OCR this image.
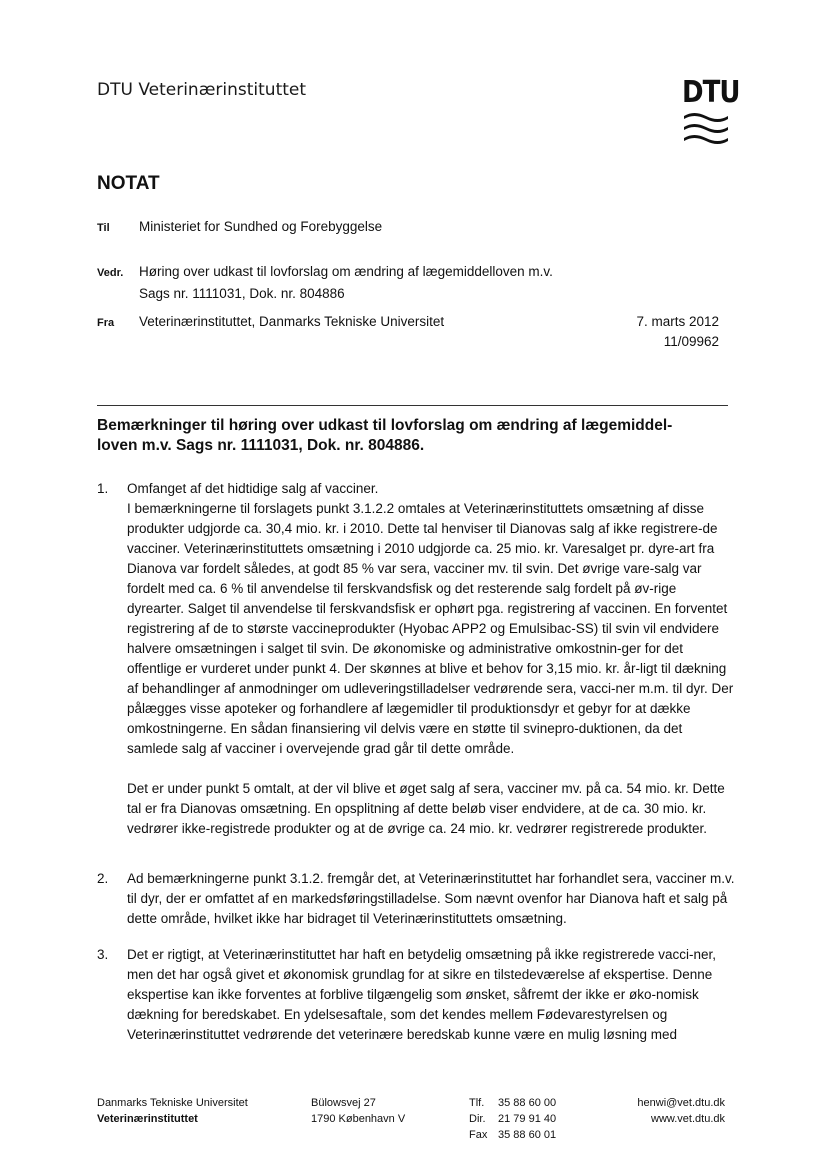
DTU Veterinærinstituttet	DTU
NOTAT
Til Ministeriet for Sundhed og Forebyggelse
Vedr. Høring over udkast til lovforslag om ændring af lægemiddelloven m.v.
Sags nr. 1111031, Dok. nr. 804886
Fra Veterinærinstituttet, Danmarks Tekniske Universitet	7. marts 2012
11/09962
Bemærkninger til høring over udkast til lovforslag om ændring af lægemiddel-
loven m.v. Sags nr. 1111031, Dok. nr. 804886.
1. Omfanget af det hidtidige salg af vacciner.

I bemærkningerne til forslagets punkt 3.1.2.2 omtales at Veterinærinstituttets omsætning af disse produkter udgjorde ca. 30,4 mio. kr. i 2010. Dette tal henviser til Dianovas salg af ikke registrere-de vacciner. Veterinærinstituttets omsætning i 2010 udgjorde ca. 25 mio. kr. Varesalget pr. dyre-art fra Dianova var fordelt således, at godt 85 % var sera, vacciner mv. til svin. Det øvrige vare-salg var fordelt med ca. 6 % til anvendelse til ferskvandsfisk og det resterende salg fordelt på øv-rige dyrearter. Salget til anvendelse til ferskvandsfisk er ophørt pga. registrering af vaccinen. En forventet registrering af de to største vaccineprodukter (Hyobac APP2 og Emulsibac-SS) til svin vil endvidere halvere omsætningen i salget til svin. De økonomiske og administrative omkostnin-ger for det offentlige er vurderet under punkt 4. Der skønnes at blive et behov for 3,15 mio. kr. år-ligt til dækning af behandlinger af anmodninger om udleveringstilladelser vedrørende sera, vacci-ner m.m. til dyr. Der pålægges visse apoteker og forhandlere af lægemidler til produktionsdyr et gebyr for at dække omkostningerne. En sådan finansiering vil delvis være en støtte til svinepro-duktionen, da det samlede salg af vacciner i overvejende grad går til dette område.

Det er under punkt 5 omtalt, at der vil blive et øget salg af sera, vacciner mv. på ca. 54 mio. kr. Dette tal er fra Dianovas omsætning. En opsplitning af dette beløb viser endvidere, at de ca. 30 mio. kr. vedrører ikke-registrede produkter og at de øvrige ca. 24 mio. kr. vedrører registrerede produkter.

2. Ad bemærkningerne punkt 3.1.2. fremgår det, at Veterinærinstituttet har forhandlet sera, vacciner m.v. til dyr, der er omfattet af en markedsføringstilladelse. Som nævnt ovenfor har Dianova haft et salg på dette område, hvilket ikke har bidraget til Veterinærinstituttets omsætning.

3. Det er rigtigt, at Veterinærinstituttet har haft en betydelig omsætning på ikke registrerede vacci-ner, men det har også givet et økonomisk grundlag for at sikre en tilstedeværelse af ekspertise. Denne ekspertise kan ikke forventes at forblive tilgængelig som ønsket, såfremt der ikke er øko-nomisk dækning for beredskabet. En ydelsesaftale, som det kendes mellem Fødevarestyrelsen og Veterinærinstituttet vedrørende det veterinære beredskab kunne være en mulig løsning med

Danmarks Tekniske Universitet
Veterinærinstituttet
Bülowsvej 27
1790 København V
Tlf.
Dir.
Fax
35 88 60 00
21 79 91 40
35 88 60 01
henwi@vet.dtu.dk
www.vet.dtu.dk
